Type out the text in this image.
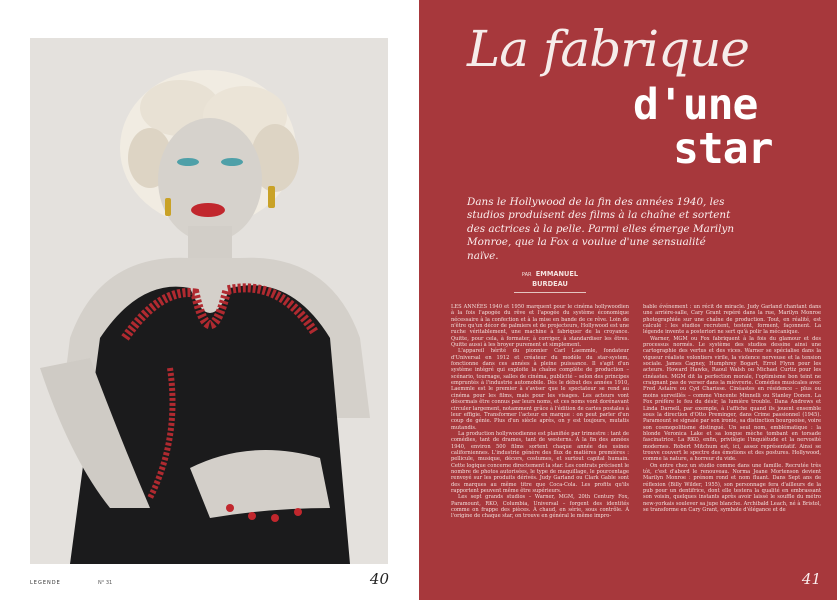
LEGENDE	N° 31	40
La fabrique
d'une
star
Dans le Hollywood de la fin des années 1940, les studios produisent des films à la chaîne et sortent des actrices à la pelle. Parmi elles émerge Marilyn Monroe, que la Fox a voulue d'une sensualité naïve.
PAR EMMANUEL BURDEAU

LES ANNÉES 1940 et 1950 marquent pour le cinéma hollywoodien à la fois l'apogée du rêve et l'apogée du système économique nécessaire à la confection et à la mise en bande de ce rêve. Loin de n'être qu'un décor de palmiers et de projecteurs, Hollywood est une ruche véritablement, une machine à fabriquer de la croyance. Quitte, pour cela, à formater, à corriger, à standardiser les êtres. Quitte aussi à les broyer purement et simplement.

L'appareil hérité du pionnier Carl Laemmle, fondateur d'Universal en 1912 et créateur du modèle du star-system, fonctionne dans ces années à pleine puissance. Il s'agit d'un système intégré qui exploite la chaîne complète de production – scénario, tournage, salles de cinéma, publicité – selon des principes empruntés à l'industrie automobile. Dès le début des années 1910, Laemmle est le premier à s'aviser que le spectateur se rend au cinéma pour les films, mais pour les visages. Les acteurs vont désormais être connus par leurs noms, et ces noms vont dorénavant circuler largement, notamment grâce à l'édition de cartes postales à leur effigie. Transformer l'acteur en marque : on peut parler d'un coup de génie. Plus d'un siècle après, on y est toujours, mutatis mutandis.

La production hollywoodienne est planifiée par trimestre : tant de comédies, tant de drames, tant de westerns. À la fin des années 1940, environ 500 films sortent chaque année des usines californiennes. L'industrie génère des flux de matières premières : pellicule, musique, décors, costumes, et surtout capital humain. Cette logique concerne directement la star. Les contrats précisent le nombre de photos autorisées, le type de maquillage, le pourcentage renvoyé sur les produits dérivés. Judy Garland ou Clark Gable sont des marques au même titre que Coca-Cola. Les profits qu'ils rapportent peuvent même être supérieurs.

Les sept grands studios – Warner, MGM, 20th Century Fox, Paramount, RKO, Columbia, Universal – forgent des identités comme on frappe des pièces. À chaud, en série, sous contrôle. À l'origine de chaque star, on trouve en général le même impro-

bable événement : un récit de miracle. Judy Garland chantant dans une arrière-salle, Cary Grant repéré dans la rue, Marilyn Monroe photographiée sur une chaîne de production. Tout, en réalité, est calculé : les studios recrutent, testent, forment, façonnent. La légende invente a posteriori ne sert qu'à polir la mécanique.

Warner, MGM ou Fox fabriquent à la fois du glamour et des processus normés. Le système des studios dessine ainsi une cartographie des vertus et des vices. Warner se spécialise dans la vigueur réaliste volontiers virile, la violence nerveuse et la tension sociale. James Cagney, Humphrey Bogart, Errol Flynn pour les acteurs. Howard Hawks, Raoul Walsh ou Michael Curtiz pour les cinéastes. MGM dit la perfection morale, l'optimisme bon teint ne craignant pas de verser dans la mièvrerie. Comédies musicales avec Fred Astaire ou Cyd Charisse. Cinéastes en résidence – plus ou moins surveillés – comme Vincente Minnelli ou Stanley Donen. La Fox préfère le feu du désir, la lumière trouble. Dana Andrews et Linda Darnell, par exemple, à l'affiche quand ils jouent ensemble sous la direction d'Otto Preminger, dans Crime passionnel (1945). Paramount se signale par son ironie, sa distinction bourgeoise, voire son cosmopolitisme distingué. Un seul nom, emblématique : la blonde Veronica Lake et sa longue mèche tombant en torsade fascinatrice. La RKO, enfin, privilégie l'inquiétude et la nervosité modernes. Robert Mitchum est, ici, assez représentatif. Ainsi se trouve couvert le spectre des émotions et des postures. Hollywood, comme la nature, a horreur du vide.

On entre chez un studio comme dans une famille. Recrutée très tôt, c'est d'abord le renouveau. Norma Jeane Mortenson devient Marilyn Monroe : prénom rond et nom fluant. Dans Sept ans de réflexion (Billy Wilder, 1955), son personnage fera d'ailleurs de la pub pour un dentifrice, dont elle testera la qualité en embrassant son voisin, quelques instants après avoir laissé le souffle du métro new-yorkais soulever sa jupe blanche. Archibald Leach, né à Bristol, se transforme en Cary Grant, symbole d'élégance et de

41
